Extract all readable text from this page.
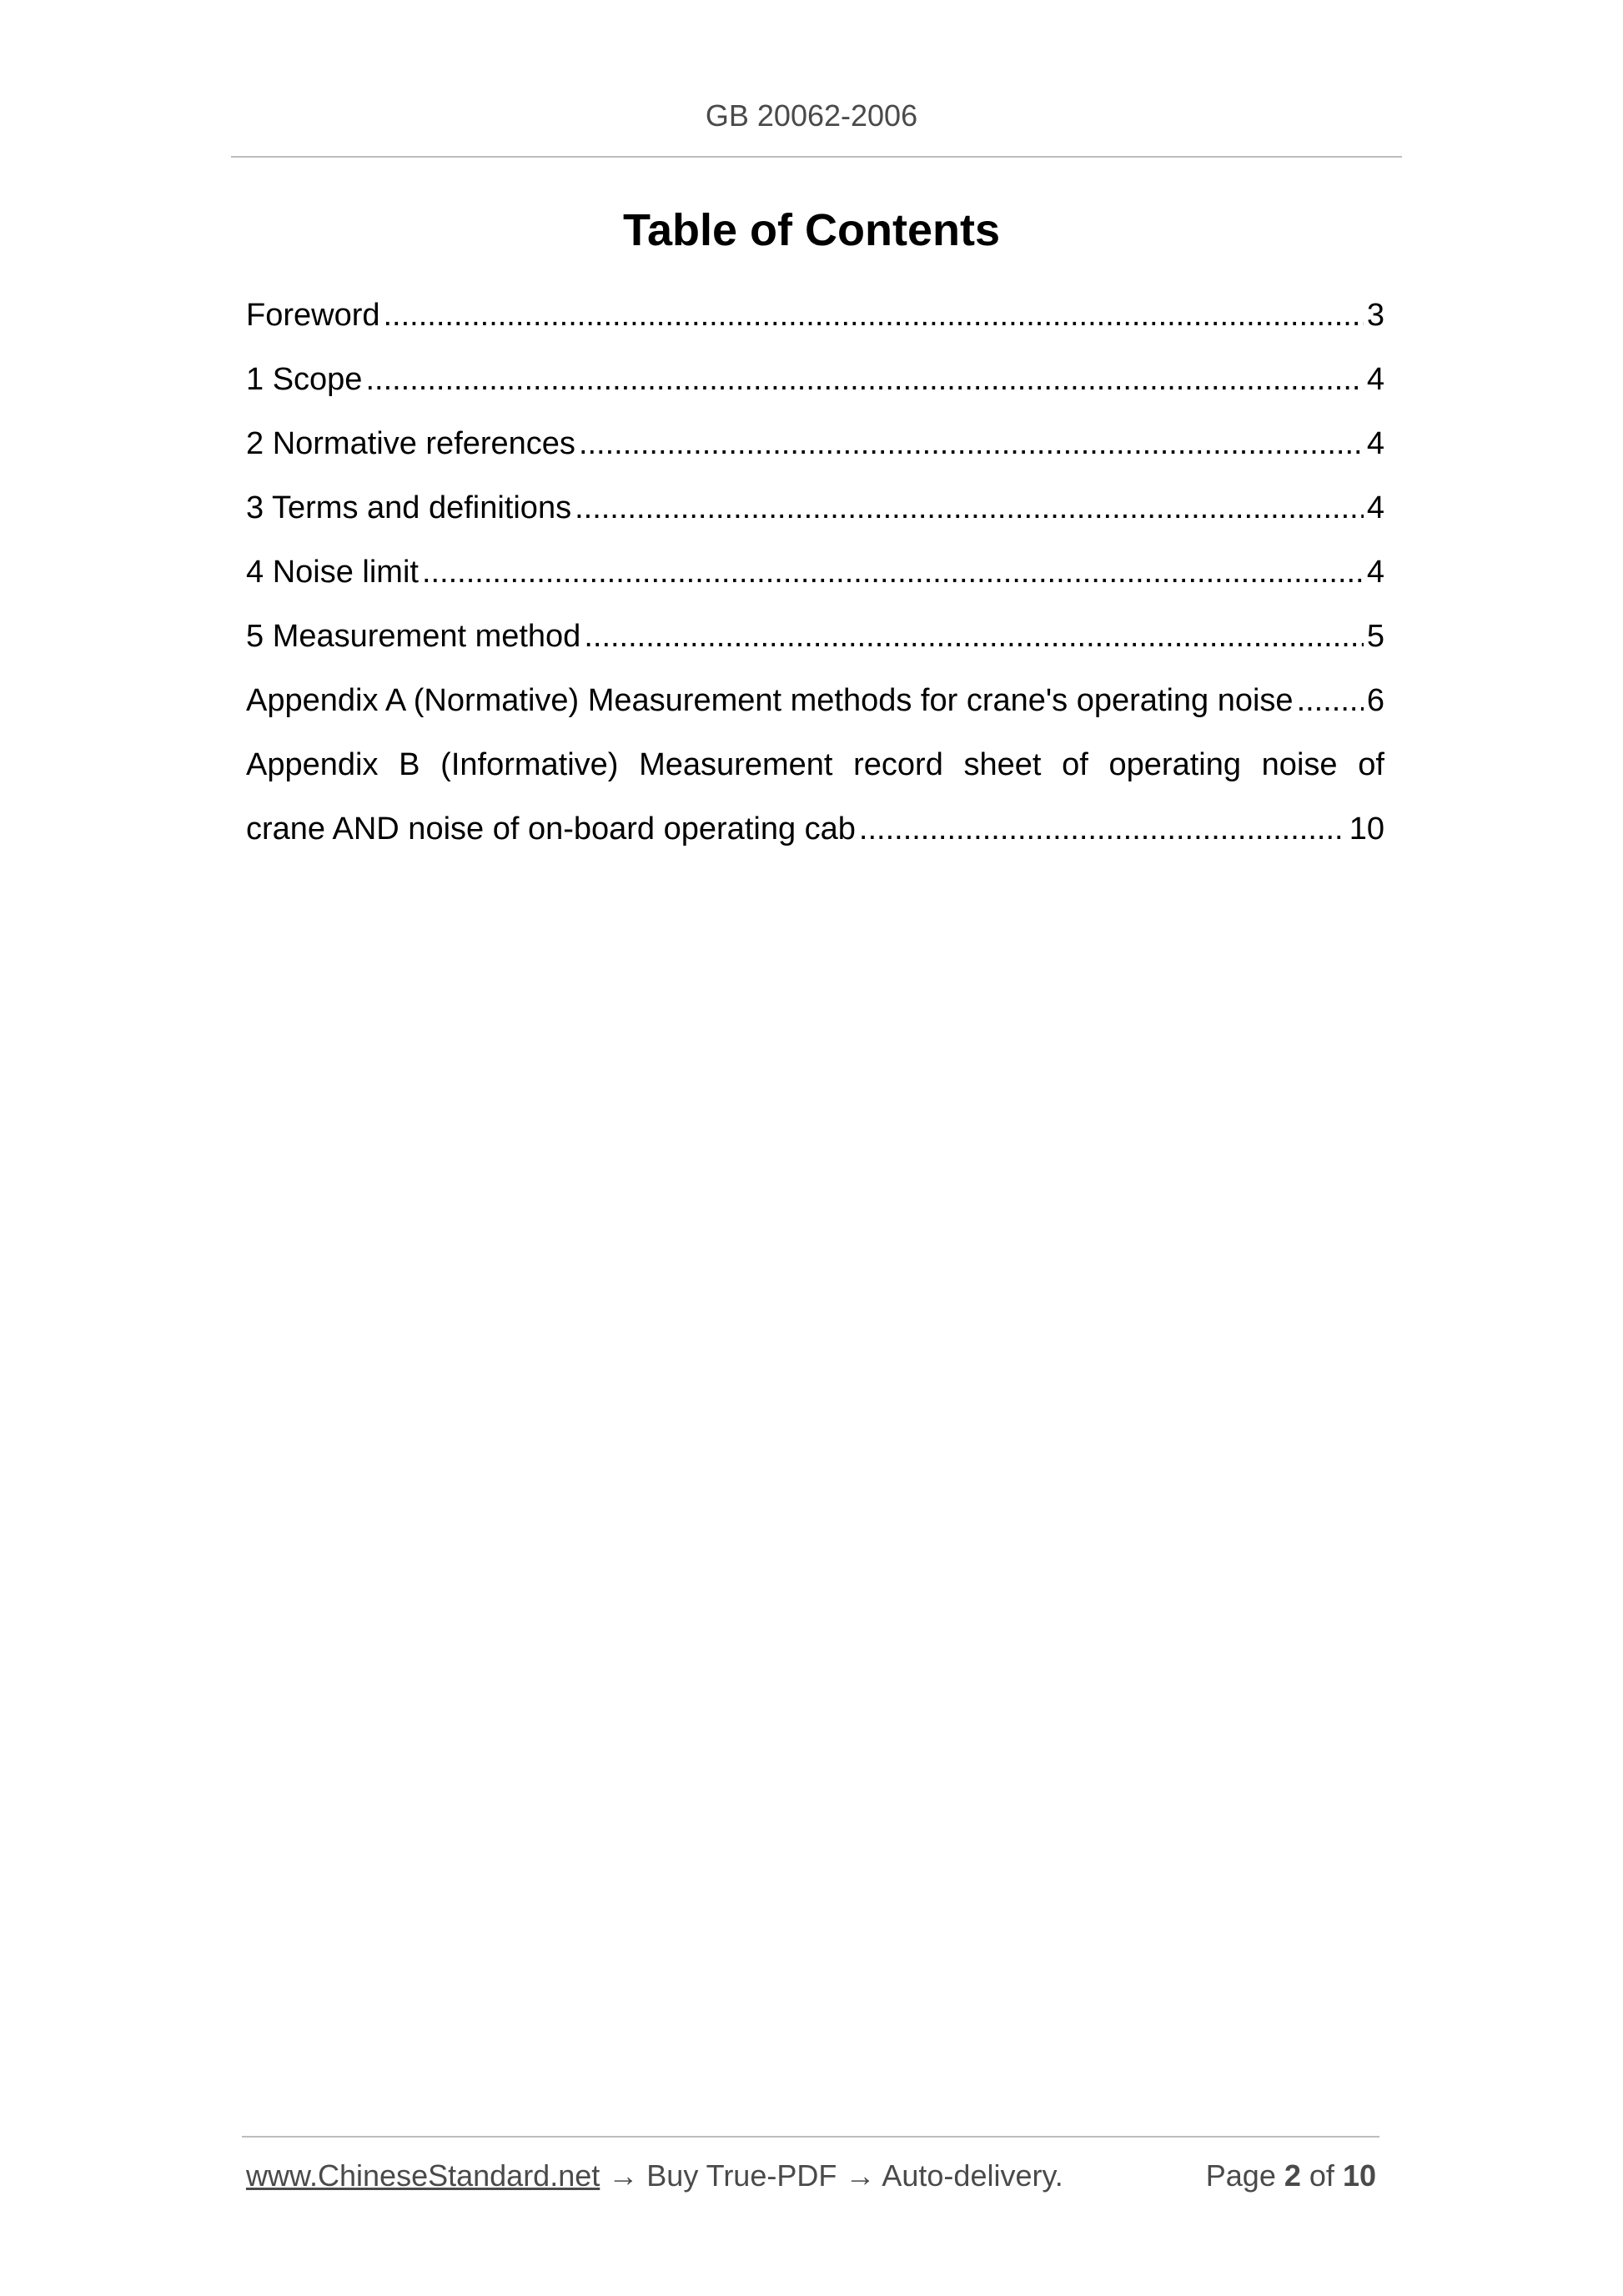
GB 20062-2006
Table of Contents
Foreword .....	3
1 Scope .....	4
2 Normative references .....	4
3 Terms and definitions .....	4
4 Noise limit .....	4
5 Measurement method .....	5
Appendix A (Normative) Measurement methods for crane's operating noise ..... 6
Appendix B (Informative) Measurement record sheet of operating noise of
crane AND noise of on-board operating cab .....	10
www.ChineseStandard.net → Buy True-PDF → Auto-delivery.	Page 2 of 10
